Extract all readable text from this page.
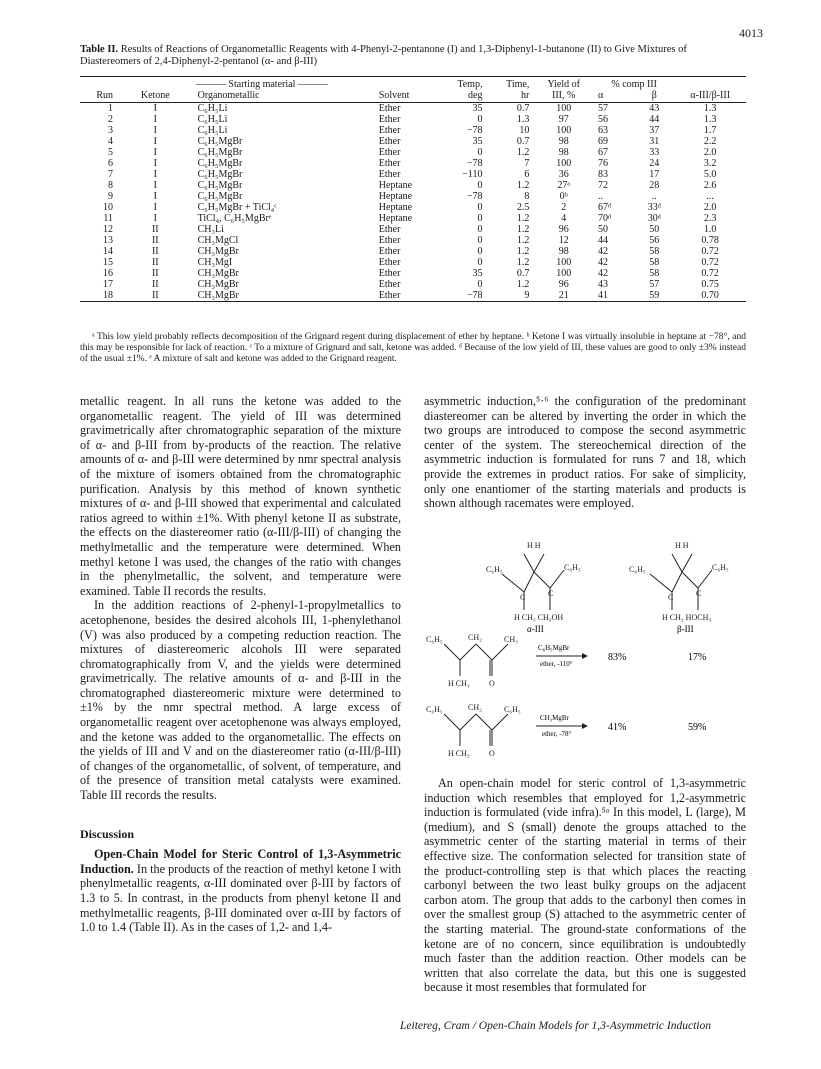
4013
Table II. Results of Reactions of Organometallic Reagents with 4-Phenyl-2-pentanone (I) and 1,3-Diphenyl-1-butanone (II) to Give Mixtures of Diastereomers of 2,4-Diphenyl-2-pentanol (α- and β-III)
	——— Starting material ———			Temp,	Time,	Yield of	% comp III		
Run	Ketone	Organometallic	Solvent	deg	hr	III, %	α	β	α-III/β-III
1	I	C₆H₅Li	Ether	35	0.7	100	57	43	1.3
2	I	C₆H₅Li	Ether	0	1.3	97	56	44	1.3
3	I	C₆H₅Li	Ether	−78	10	100	63	37	1.7
4	I	C₆H₅MgBr	Ether	35	0.7	98	69	31	2.2
5	I	C₆H₅MgBr	Ether	0	1.2	98	67	33	2.0
6	I	C₆H₅MgBr	Ether	−78	7	100	76	24	3.2
7	I	C₆H₅MgBr	Ether	−110	6	36	83	17	5.0
8	I	C₆H₅MgBr	Heptane	0	1.2	27ᵃ	72	28	2.6
9	I	C₆H₅MgBr	Heptane	−78	8	0ᵇ	..	..	...
10	I	C₆H₅MgBr + TiCl₄ᶜ	Heptane	0	2.5	2	67ᵈ	33ᵈ	2.0
11	I	TiCl₄, C₆H₅MgBrᵉ	Heptane	0	1.2	4	70ᵈ	30ᵈ	2.3
12	II	CH₃Li	Ether	0	1.2	96	50	50	1.0
13	II	CH₃MgCl	Ether	0	1.2	12	44	56	0.78
14	II	CH₃MgBr	Ether	0	1.2	98	42	58	0.72
15	II	CH₃MgI	Ether	0	1.2	100	42	58	0.72
16	II	CH₃MgBr	Ether	35	0.7	100	42	58	0.72
17	II	CH₃MgBr	Ether	0	1.2	96	43	57	0.75
18	II	CH₃MgBr	Ether	−78	9	21	41	59	0.70
ᵃ This low yield probably reflects decomposition of the Grignard regent during displacement of ether by heptane. ᵇ Ketone I was virtually insoluble in heptane at −78°, and this may be responsible for lack of reaction. ᶜ To a mixture of Grignard and salt, ketone was added. ᵈ Because of the low yield of III, these values are good to only ±3% instead of the usual ±1%. ᵉ A mixture of salt and ketone was added to the Grignard reagent.

metallic reagent. In all runs the ketone was added to the organometallic reagent. The yield of III was determined gravimetrically after chromatographic separation of the mixture of α- and β-III from by-products of the reaction. The relative amounts of α- and β-III were determined by nmr spectral analysis of the mixture of isomers obtained from the chromatographic purification. Analysis by this method of known synthetic mixtures of α- and β-III showed that experimental and calculated ratios agreed to within ±1%. With phenyl ketone II as substrate, the effects on the diastereomer ratio (α-III/β-III) of changing the methylmetallic and the temperature were determined. When methyl ketone I was used, the changes of the ratio with changes in the phenylmetallic, the solvent, and temperature were examined. Table II records the results.

In the addition reactions of 2-phenyl-1-propylmetallics to acetophenone, besides the desired alcohols III, 1-phenylethanol (V) was also produced by a competing reduction reaction. The mixtures of diastereomeric alcohols III were separated chromatographically from V, and the yields were determined gravimetrically. The relative amounts of α- and β-III in the chromatographed diastereomeric mixture were determined to ±1% by the nmr spectral method. A large excess of organometallic reagent over acetophenone was always employed, and the ketone was added to the organometallic. The effects on the yields of III and V and on the diastereomer ratio (α-III/β-III) of changes of the organometallic, of solvent, of temperature, and of the presence of transition metal catalysts were examined. Table III records the results.

Discussion

Open-Chain Model for Steric Control of 1,3-Asymmetric Induction. In the products of the reaction of methyl ketone I with phenylmetallic reagents, α-III dominated over β-III by factors of 1.3 to 5. In contrast, in the products from phenyl ketone II and methylmetallic reagents, β-III dominated over α-III by factors of 1.0 to 1.4 (Table II). As in the cases of 1,2- and 1,4-

asymmetric induction,⁵·⁶ the configuration of the predominant diastereomer can be altered by inverting the order in which the two groups are introduced to compose the second asymmetric center of the system. The stereochemical direction of the asymmetric induction is formulated for runs 7 and 18, which provide the extremes in product ratios. For sake of simplicity, only one enantiomer of the starting materials and products is shown although racemates were employed.

H H
C₆H₅	C₆H₅
C	C
H CH₃ CH₃OH
α-III
H H
C₆H₅	C₆H₅
C	C
H CH₃ HOCH₃
β-III
C₆H₅	CH₂	CH₃
H CH₃ O
C₆H₅MgBr
ether, -110°
83%	17%
C₆H₅	CH₂	C₆H₅
H CH₃ O
CH₃MgBr
ether, -78°
41%	59%

An open-chain model for steric control of 1,3-asymmetric induction which resembles that employed for 1,2-asymmetric induction is formulated (vide infra).⁵ᵃ In this model, L (large), M (medium), and S (small) denote the groups attached to the asymmetric center of the starting material in terms of their effective size. The conformation selected for transition state of the product-controlling step is that which places the reacting carbonyl between the two least bulky groups on the adjacent carbon atom. The group that adds to the carbonyl then comes in over the smallest group (S) attached to the asymmetric center of the starting material. The ground-state conformations of the ketone are of no concern, since equilibration is undoubtedly much faster than the addition reaction. Other models can be written that also correlate the data, but this one is suggested because it most resembles that formulated for

Leitereg, Cram / Open-Chain Models for 1,3-Asymmetric Induction
